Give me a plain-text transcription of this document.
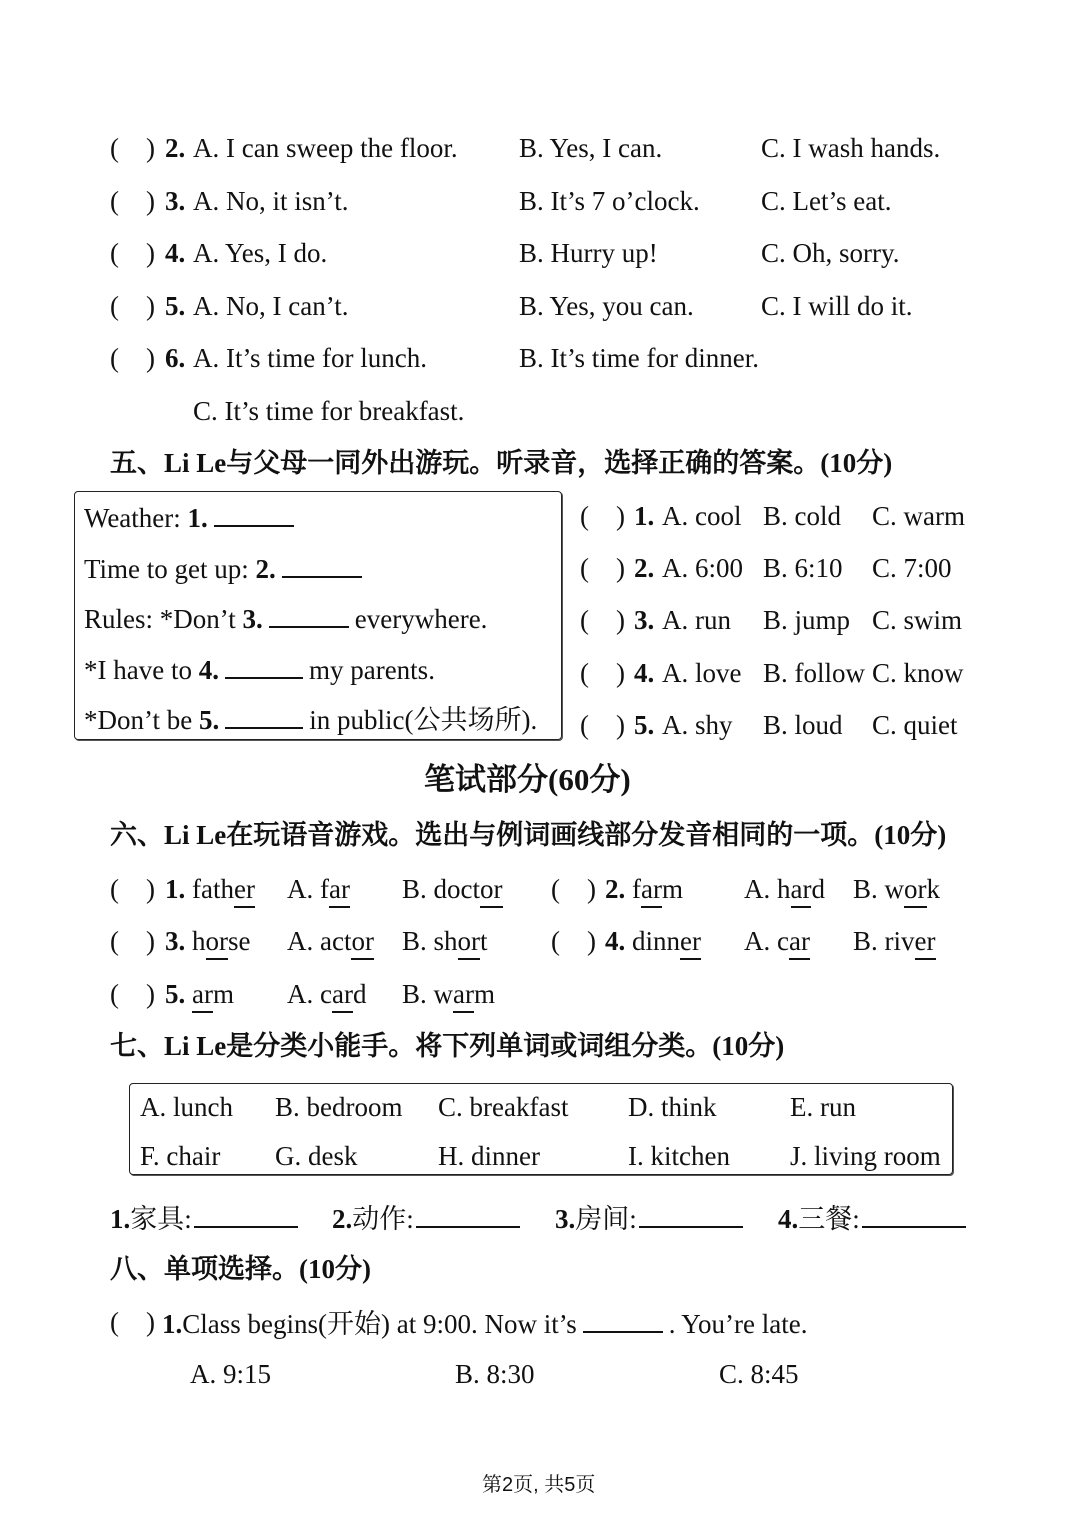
(    ) 2. A. I can sweep the floor. B. Yes, I can.	C. I wash hands.
(    ) 3. A. No, it isn’t.	B. It’s 7 o’clock. C. Let’s eat.
(    ) 4. A. Yes, I do.	B. Hurry up!	C. Oh, sorry.
(    ) 5. A. No, I can’t.	B. Yes, you can. C. I will do it.
(    ) 6. A. It’s time for lunch.	B. It’s time for dinner.
C. It’s time for breakfast.
五、Li Le与父母一同外出游玩。听录音，选择正确的答案。(10分)
Weather: 1.
Time to get up: 2.
Rules: *Don’t 3.	everywhere.
*I have to 4.	my parents.
*Don’t be 5.	in public(公共场所).
(    ) 1. A. cool B. cold C. warm
(    ) 2. A. 6:00 B. 6:10 C. 7:00
(    ) 3. A. run B. jump C. swim
(    ) 4. A. love B. follow C. know
(    ) 5. A. shy B. loud C. quiet
笔试部分(60分)
六、Li Le在玩语音游戏。选出与例词画线部分发音相同的一项。(10分)
(    ) 1. father A. far B. doctor (    ) 2. farm A. hard B. work
(    ) 3. horse A. actor B. short (    ) 4. dinner A. car B. river
(    ) 5. arm A. card B. warm
七、Li Le是分类小能手。将下列单词或词组分类。(10分)
A. lunch B. bedroom C. breakfast D. think	E. run
F. chair G. desk	H. dinner	I. kitchen J. living room
1.家具:	2.动作:	3.房间:	4.三餐:
八、单项选择。(10分)
(    ) 1.Class begins(开始) at 9:00. Now it’s	. You’re late.
A. 9:15	B. 8:30	C. 8:45
第2页, 共5页
